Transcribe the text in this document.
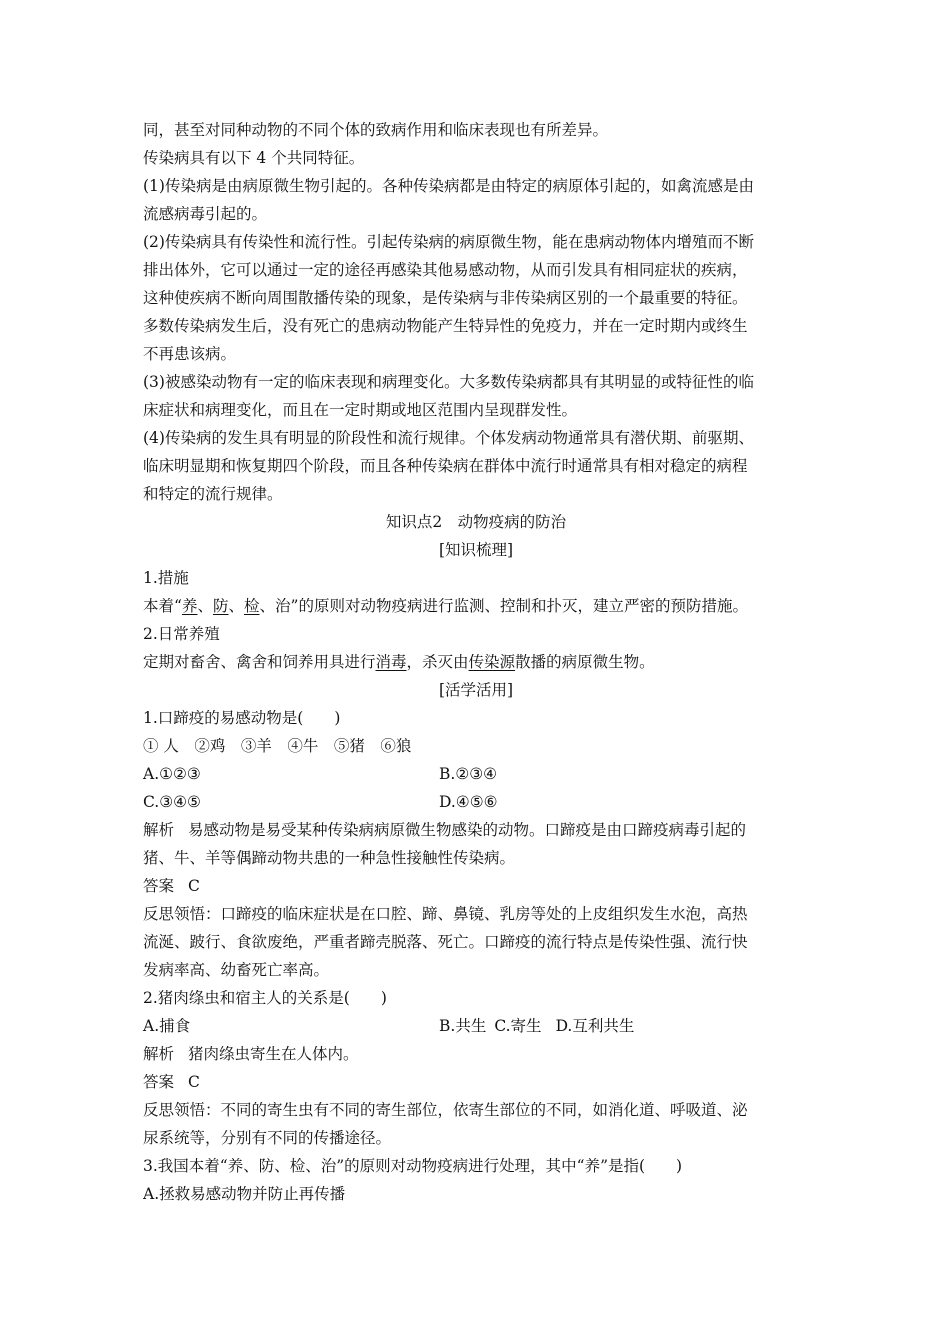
同，甚至对同种动物的不同个体的致病作用和临床表现也有所差异。
传染病具有以下 4 个共同特征。
(1)传染病是由病原微生物引起的。各种传染病都是由特定的病原体引起的，如禽流感是由
流感病毒引起的。
(2)传染病具有传染性和流行性。引起传染病的病原微生物，能在患病动物体内增殖而不断
排出体外，它可以通过一定的途径再感染其他易感动物，从而引发具有相同症状的疾病，
这种使疾病不断向周围散播传染的现象，是传染病与非传染病区别的一个最重要的特征。
多数传染病发生后，没有死亡的患病动物能产生特异性的免疫力，并在一定时期内或终生
不再患该病。
(3)被感染动物有一定的临床表现和病理变化。大多数传染病都具有其明显的或特征性的临
床症状和病理变化，而且在一定时期或地区范围内呈现群发性。
(4)传染病的发生具有明显的阶段性和流行规律。个体发病动物通常具有潜伏期、前驱期、
临床明显期和恢复期四个阶段，而且各种传染病在群体中流行时通常具有相对稳定的病程
和特定的流行规律。
知识点2　动物疫病的防治
[知识梳理]
1.措施
本着“养、防、检、治”的原则对动物疫病进行监测、控制和扑灭，建立严密的预防措施。
2.日常养殖
定期对畜舍、禽舍和饲养用具进行消毒，杀灭由传染源散播的病原微生物。
[活学活用]
1.口蹄疫的易感动物是(　　)
① 人　②鸡　③羊　④牛　⑤猪　⑥狼
A.①②③	B.②③④
C.③④⑤	D.④⑤⑥
解析 易感动物是易受某种传染病病原微生物感染的动物。口蹄疫是由口蹄疫病毒引起的
猪、牛、羊等偶蹄动物共患的一种急性接触性传染病。
答案 C
反思领悟：口蹄疫的临床症状是在口腔、蹄、鼻镜、乳房等处的上皮组织发生水泡，高热
流涎、跛行、食欲废绝，严重者蹄壳脱落、死亡。口蹄疫的流行特点是传染性强、流行快
发病率高、幼畜死亡率高。
2.猪肉绦虫和宿主人的关系是(　　)
A.捕食	B.共生 C.寄生 D.互利共生
解析 猪肉绦虫寄生在人体内。
答案 C
反思领悟：不同的寄生虫有不同的寄生部位，依寄生部位的不同，如消化道、呼吸道、泌
尿系统等，分别有不同的传播途径。
3.我国本着“养、防、检、治”的原则对动物疫病进行处理，其中“养”是指(　　)
A.拯救易感动物并防止再传播
